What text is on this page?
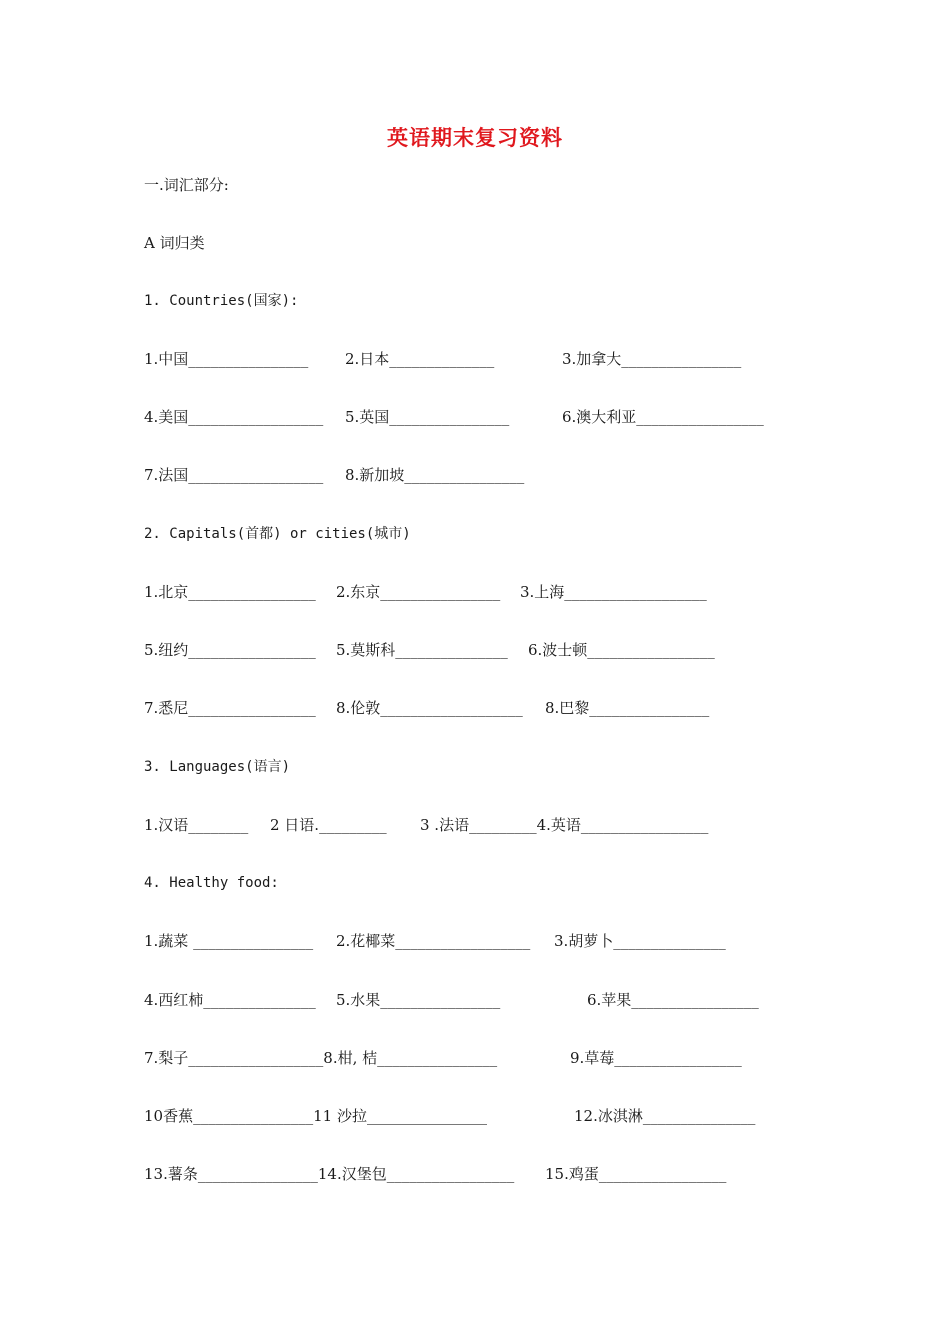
英语期末复习资料
一.词汇部分:
A 词归类
1. Countries(国家):

1.中国________________

2.日本______________

	3.加拿大________________

4.美国__________________

5.英国________________

	6.澳大利亚_________________

7.法国__________________

8.新加坡________________

2. Capitals(首都) or cities(城市)

1.北京_________________

2.东京________________

3.上海___________________

5.纽约_________________

5.莫斯科_______________

6.波士顿_________________

7.悉尼_________________

8.伦敦___________________

8.巴黎________________

3. Languages(语言)

1.汉语________

2 日语._________

3 .法语_________4.英语_________________

4. Healthy food:

1.蔬菜 ________________

2.花椰菜__________________

3.胡萝卜_______________

4.西红柿_______________

5.水果________________

	6.苹果_________________

7.梨子__________________8.柑, 桔________________

	9.草莓_________________

10香蕉________________11 沙拉________________

	12.冰淇淋_______________

13.薯条________________14.汉堡包_________________

15.鸡蛋_________________
